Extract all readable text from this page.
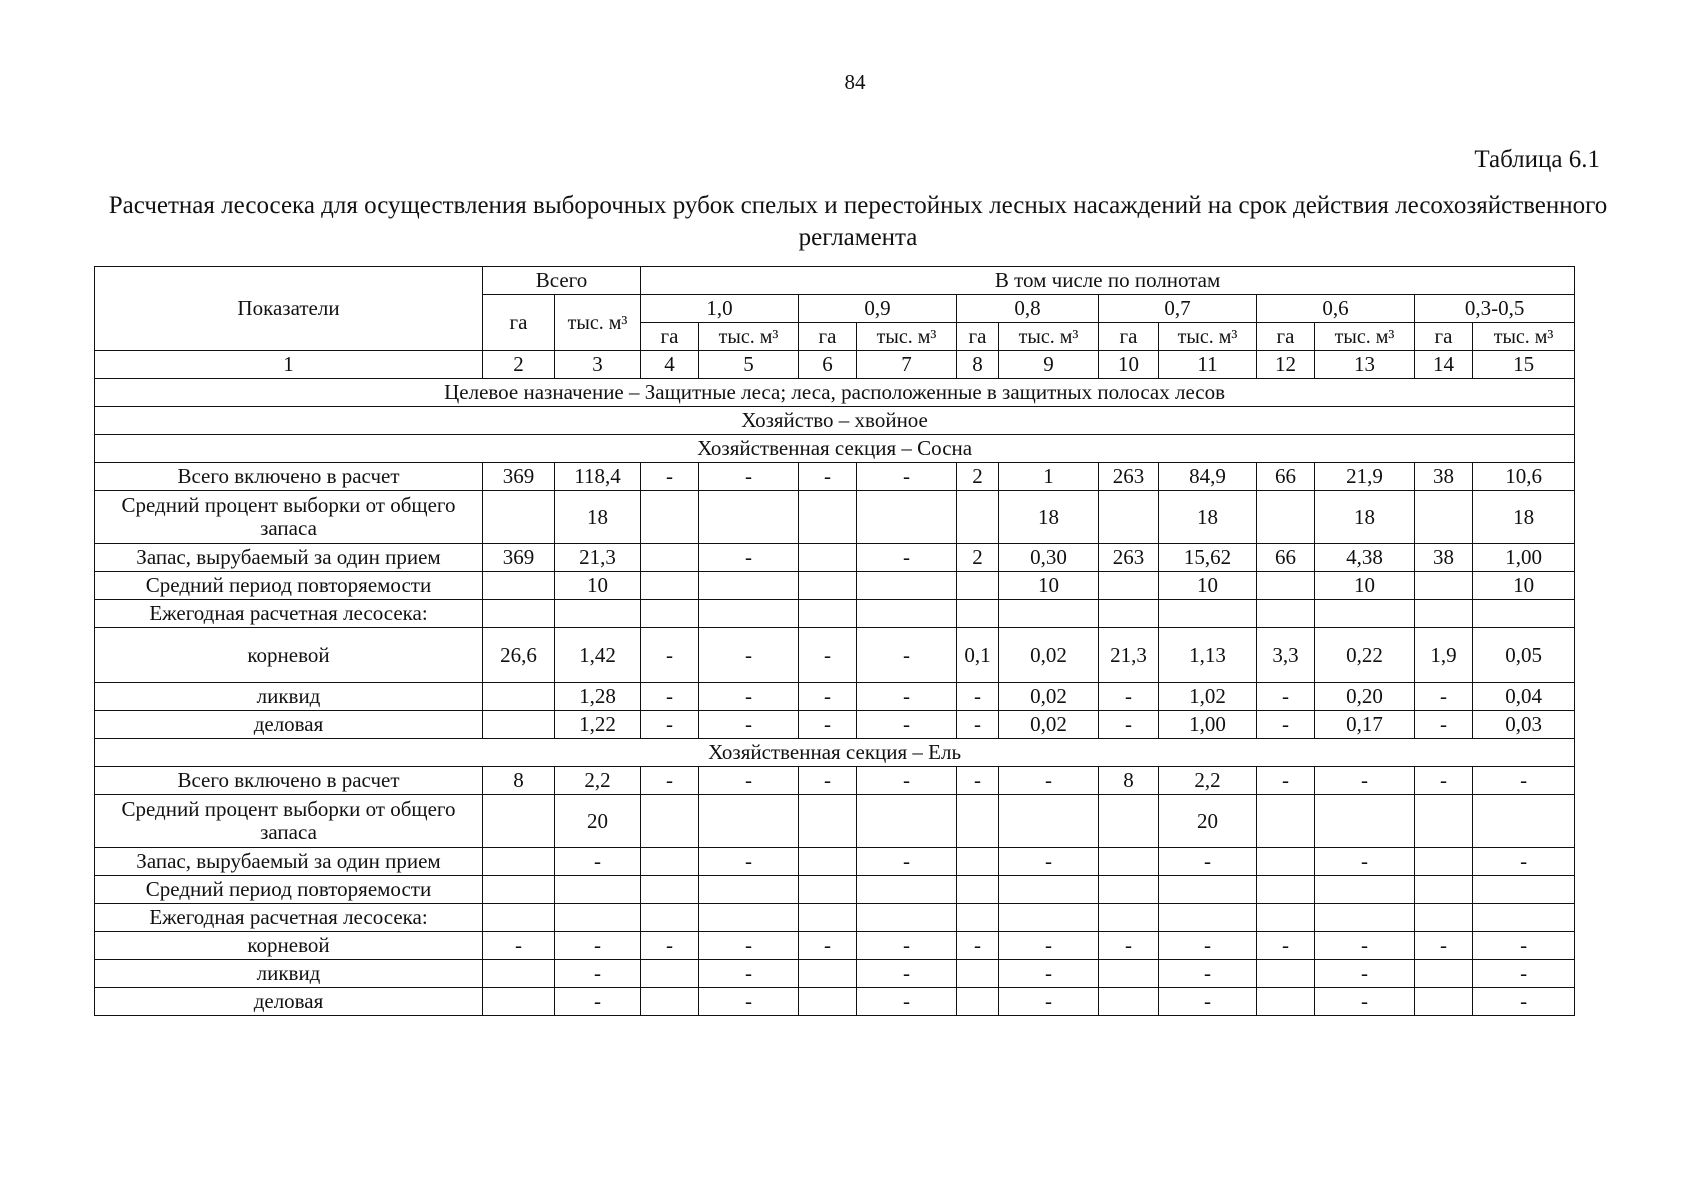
84
Таблица 6.1
Расчетная лесосека для осуществления выборочных рубок спелых и перестойных лесных насаждений на срок действия лесохозяйственного регламента
Показатели	Всего		В том числе по полнотам											
	га	тыс. м³	1,0		0,9		0,8		0,7		0,6		0,3-0,5	
			га	тыс. м³	га	тыс. м³	га	тыс. м³	га	тыс. м³	га	тыс. м³	га	тыс. м³
1	2	3	4	5	6	7	8	9	10	11	12	13	14	15
Целевое назначение – Защитные леса; леса, расположенные в защитных полосах лесов														
Хозяйство – хвойное														
Хозяйственная секция – Сосна														
Всего включено в расчет	369	118,4	-	-	-	-	2	1	263	84,9	66	21,9	38	10,6
Средний процент выборки от общего запаса		18						18		18		18		18
Запас, вырубаемый за один прием	369	21,3		-		-	2	0,30	263	15,62	66	4,38	38	1,00
Средний период повторяемости		10						10		10		10		10
Ежегодная расчетная лесосека:														
корневой	26,6	1,42	-	-	-	-	0,1	0,02	21,3	1,13	3,3	0,22	1,9	0,05
ликвид		1,28	-	-	-	-	-	0,02	-	1,02	-	0,20	-	0,04
деловая		1,22	-	-	-	-	-	0,02	-	1,00	-	0,17	-	0,03
Хозяйственная секция – Ель														
Всего включено в расчет	8	2,2	-	-	-	-	-	-	8	2,2	-	-	-	-
Средний процент выборки от общего запаса		20								20				
Запас, вырубаемый за один прием		-		-		-		-		-		-		-
Средний период повторяемости														
Ежегодная расчетная лесосека:														
корневой	-	-	-	-	-	-	-	-	-	-	-	-	-	-
ликвид		-		-		-		-		-		-		-
деловая		-		-		-		-		-		-		-
